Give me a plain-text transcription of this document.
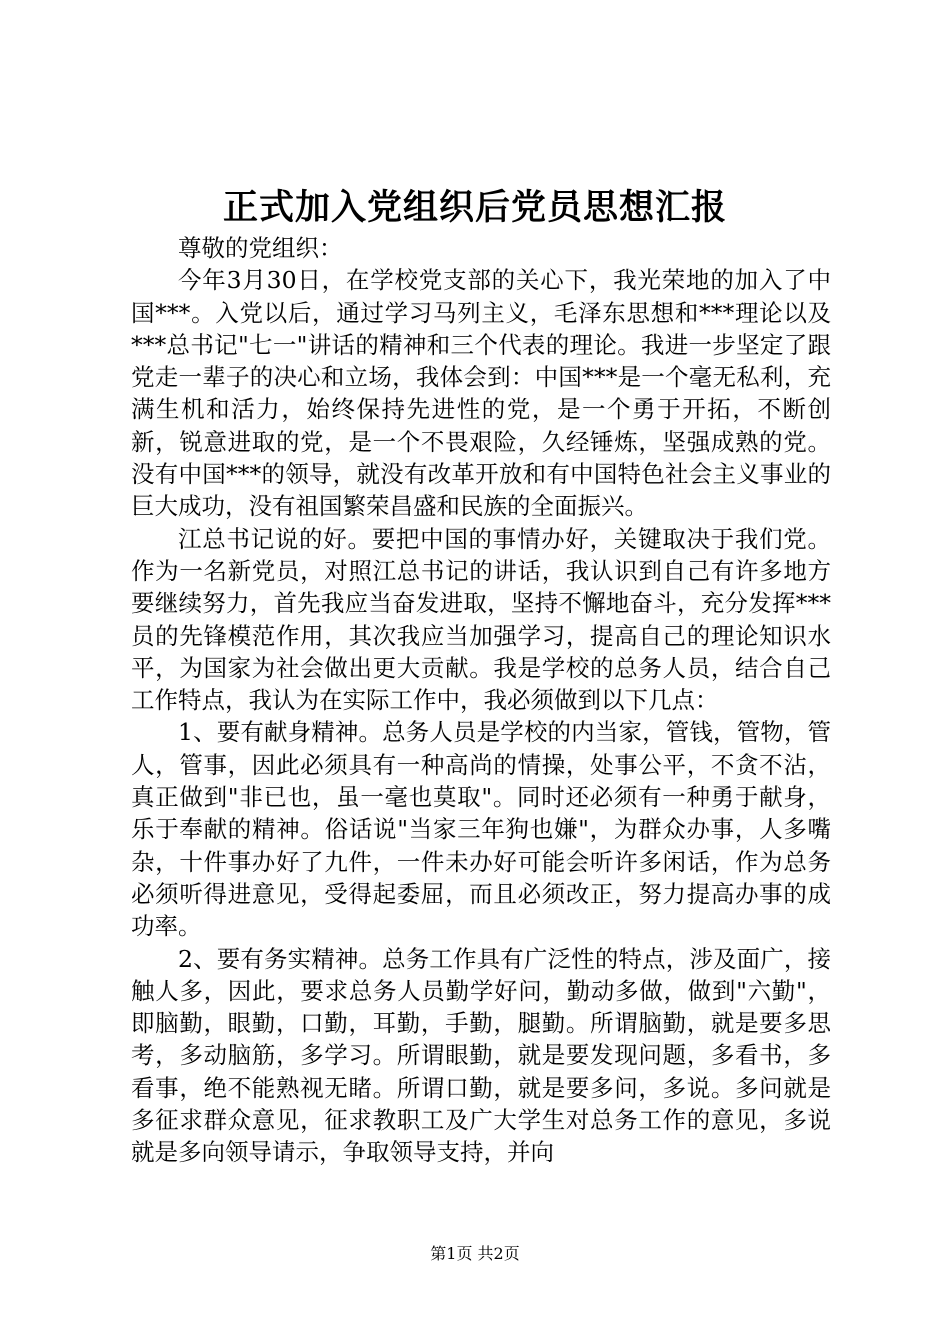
正式加入党组织后党员思想汇报

尊敬的党组织：

今年3月30日，在学校党支部的关心下，我光荣地的加入了中国***。入党以后，通过学习马列主义，毛泽东思想和***理论以及***总书记"七一"讲话的精神和三个代表的理论。我进一步坚定了跟党走一辈子的决心和立场，我体会到：中国***是一个毫无私利，充满生机和活力，始终保持先进性的党，是一个勇于开拓，不断创新，锐意进取的党，是一个不畏艰险，久经锤炼，坚强成熟的党。没有中国***的领导，就没有改革开放和有中国特色社会主义事业的巨大成功，没有祖国繁荣昌盛和民族的全面振兴。

江总书记说的好。要把中国的事情办好，关键取决于我们党。作为一名新党员，对照江总书记的讲话，我认识到自己有许多地方要继续努力，首先我应当奋发进取，坚持不懈地奋斗，充分发挥***员的先锋模范作用，其次我应当加强学习，提高自己的理论知识水平，为国家为社会做出更大贡献。我是学校的总务人员，结合自己工作特点，我认为在实际工作中，我必须做到以下几点：

1、要有献身精神。总务人员是学校的内当家，管钱，管物，管人，管事，因此必须具有一种高尚的情操，处事公平，不贪不沾，真正做到"非已也，虽一毫也莫取"。同时还必须有一种勇于献身，乐于奉献的精神。俗话说"当家三年狗也嫌"，为群众办事，人多嘴杂，十件事办好了九件，一件未办好可能会听许多闲话，作为总务必须听得进意见，受得起委屈，而且必须改正，努力提高办事的成功率。

2、要有务实精神。总务工作具有广泛性的特点，涉及面广，接触人多，因此，要求总务人员勤学好问，勤动多做，做到"六勤"，即脑勤，眼勤，口勤，耳勤，手勤，腿勤。所谓脑勤，就是要多思考，多动脑筋，多学习。所谓眼勤，就是要发现问题，多看书，多看事，绝不能熟视无睹。所谓口勤，就是要多问，多说。多问就是多征求群众意见，征求教职工及广大学生对总务工作的意见，多说就是多向领导请示，争取领导支持，并向

第1页 共2页
